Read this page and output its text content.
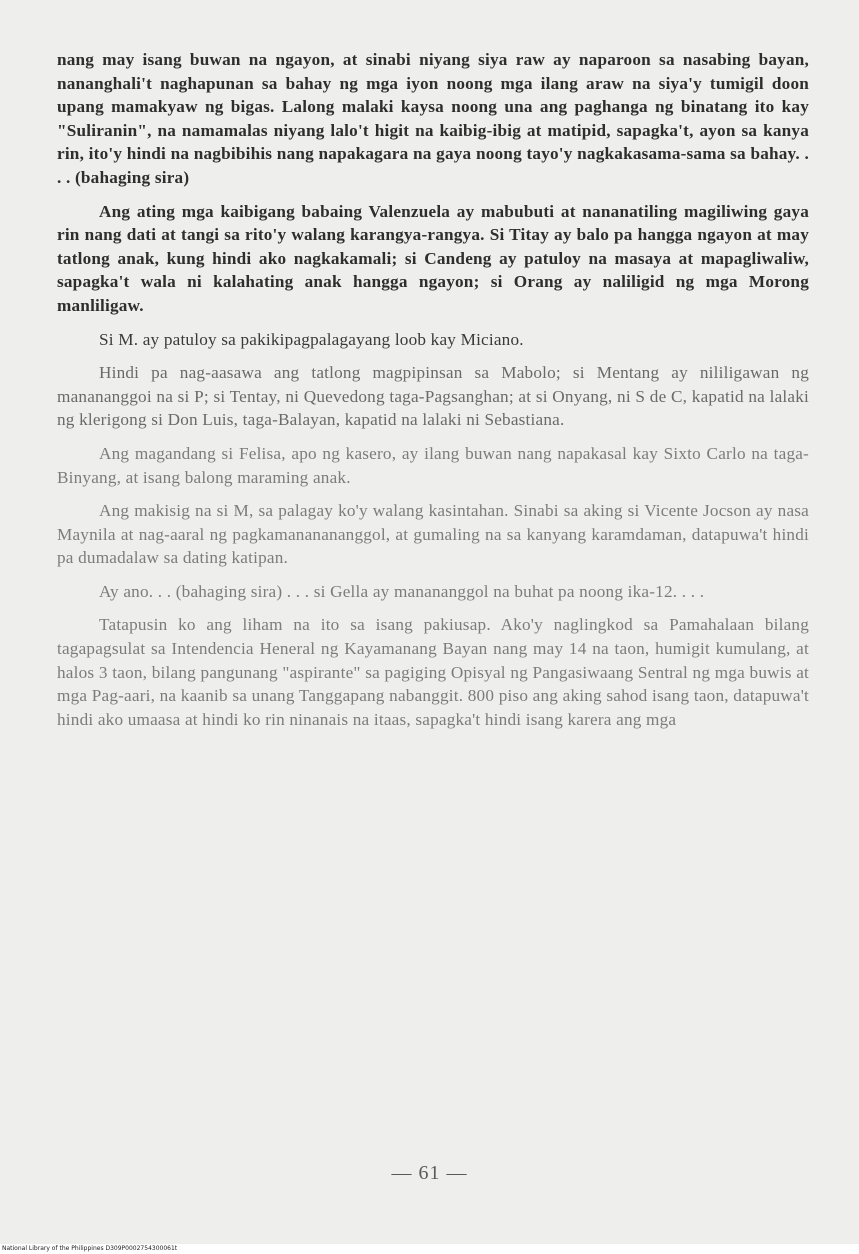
nang may isang buwan na ngayon, at sinabi niyang siya raw ay naparoon sa nasabing bayan, nananghali't naghapunan sa bahay ng mga iyon noong mga ilang araw na siya'y tumigil doon upang mamakyaw ng bigas. Lalong malaki kaysa noong una ang paghanga ng binatang ito kay "Suliranin", na namamalas niyang lalo't higit na kaibig-ibig at matipid, sapagka't, ayon sa kanya rin, ito'y hindi na nagbibihis nang napakagara na gaya noong tayo'y nagkakasama-sama sa bahay. . . . (bahaging sira)

Ang ating mga kaibigang babaing Valenzuela ay mabubuti at nananatiling magiliwing gaya rin nang dati at tangi sa rito'y walang karangya-rangya. Si Titay ay balo pa hangga ngayon at may tatlong anak, kung hindi ako nagkakamali; si Candeng ay patuloy na masaya at mapagliwaliw, sapagka't wala ni kalahating anak hangga ngayon; si Orang ay naliligid ng mga Morong manliligaw.

Si M. ay patuloy sa pakikipagpalagayang loob kay Miciano.

Hindi pa nag-aasawa ang tatlong magpipinsan sa Mabolo; si Mentang ay nililigawan ng manananggoi na si P; si Tentay, ni Quevedong taga-Pagsanghan; at si Onyang, ni S de C, kapatid na lalaki ng klerigong si Don Luis, taga-Balayan, kapatid na lalaki ni Sebastiana.

Ang magandang si Felisa, apo ng kasero, ay ilang buwan nang napakasal kay Sixto Carlo na taga-Binyang, at isang balong maraming anak.

Ang makisig na si M, sa palagay ko'y walang kasintahan. Sinabi sa aking si Vicente Jocson ay nasa Maynila at nag-aaral ng pagkamananananggol, at gumaling na sa kanyang karamdaman, datapuwa't hindi pa dumadalaw sa dating katipan.

Ay ano. . . (bahaging sira) . . . si Gella ay manananggol na buhat pa noong ika-12. . . .

Tatapusin ko ang liham na ito sa isang pakiusap. Ako'y naglingkod sa Pamahalaan bilang tagapagsulat sa Intendencia Heneral ng Kayamanang Bayan nang may 14 na taon, humigit kumulang, at halos 3 taon, bilang pangunang "aspirante" sa pagiging Opisyal ng Pangasiwaang Sentral ng mga buwis at mga Pag-aari, na kaanib sa unang Tanggapang nabanggit. 800 piso ang aking sahod isang taon, datapuwa't hindi ako umaasa at hindi ko rin ninanais na itaas, sapagka't hindi isang karera ang mga

— 61 —
National Library of the Philippines D309P0002754300061t
